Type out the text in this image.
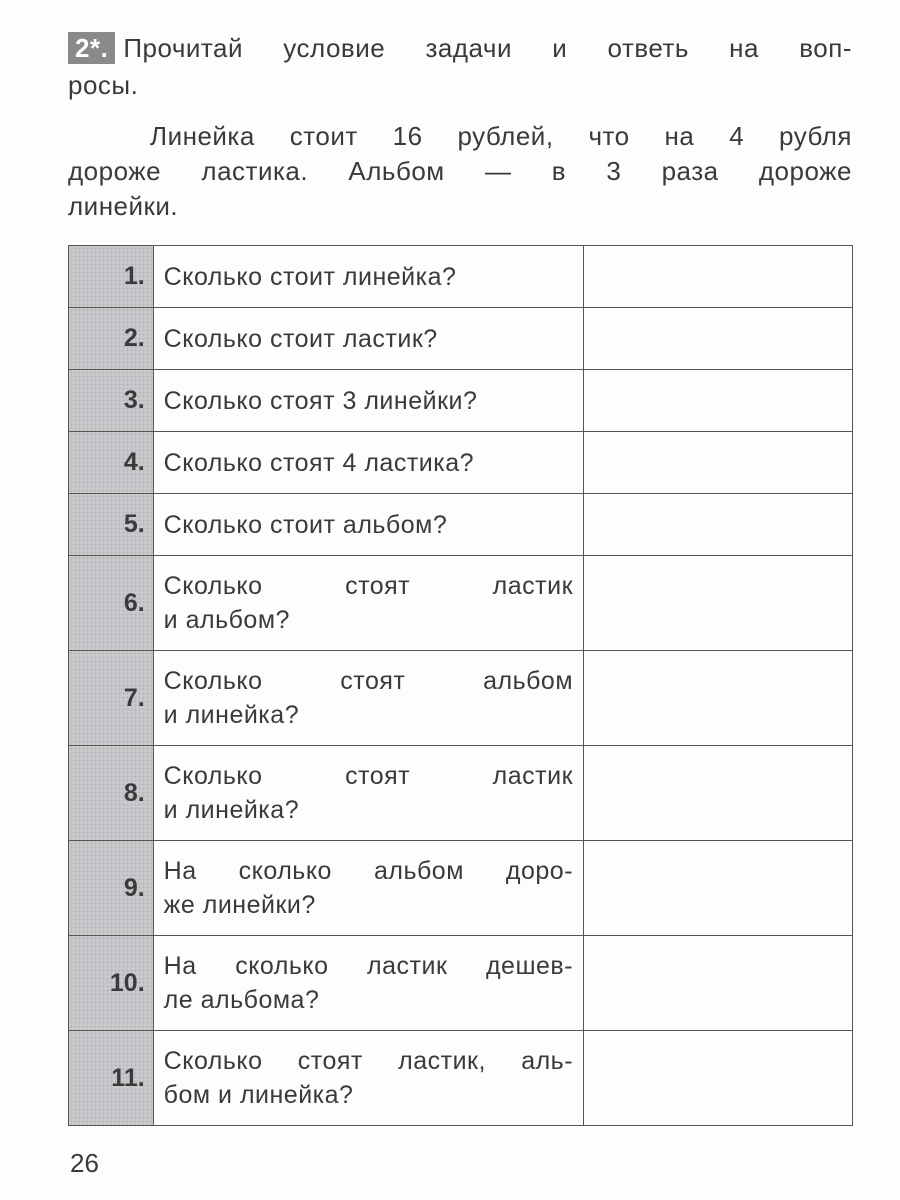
2*. Прочитай условие задачи и ответь на воп-
росы.
Линейка стоит 16 рублей, что на 4 рубля
дороже ластика. Альбом — в 3 раза дороже
линейки.
1.	Сколько стоит линейка?	

2.	Сколько стоит ластик?	

3.	Сколько стоят 3 линейки?	

4.	Сколько стоят 4 ластика?	

5.	Сколько стоит альбом?	

6.	Сколько стоят ластик
и альбом?	

7.	Сколько стоят альбом
и линейка?	

8.	Сколько стоят ластик
и линейка?	

9.	На сколько альбом доро-
же линейки?	

10.	На сколько ластик дешев-
ле альбома?	

11.	Сколько стоят ластик, аль-
бом и линейка?	

26
